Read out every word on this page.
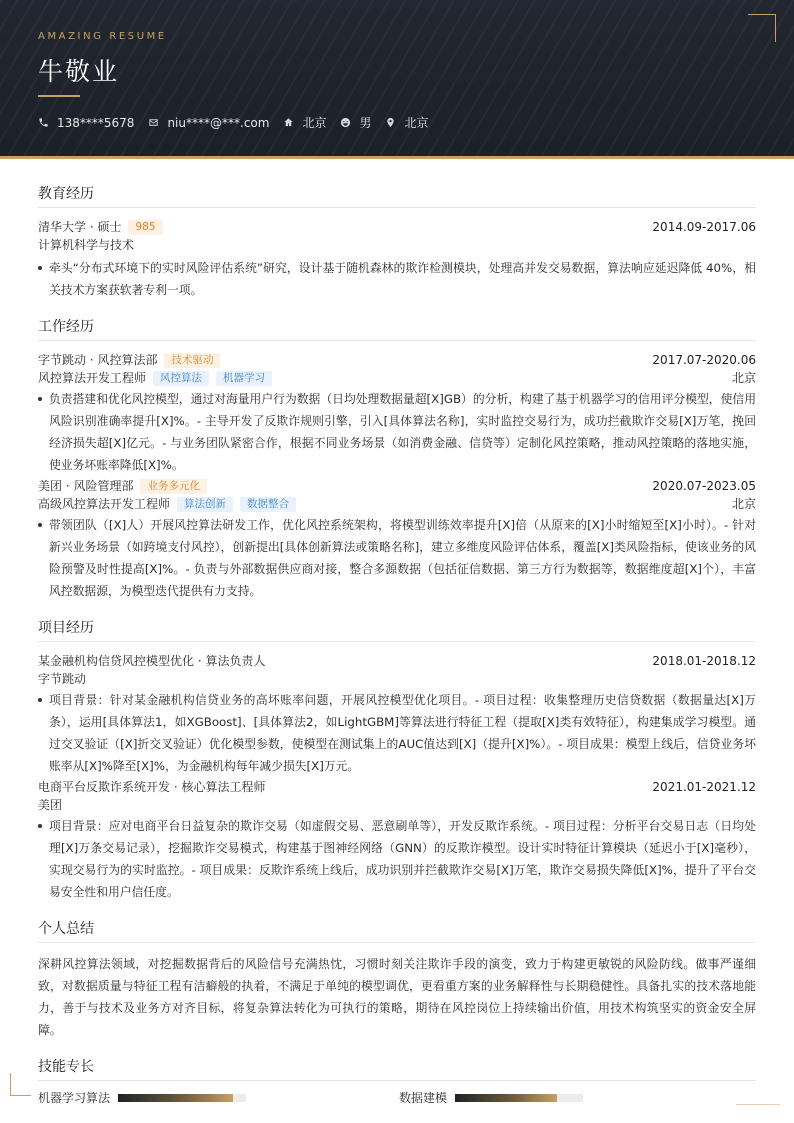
AMAZING RESUME
牛敬业
138****5678	niu****@***.com	北京	男	北京
教育经历
清华大学 · 硕士	985	2014.09-2017.06
计算机科学与技术
牵头“分布式环境下的实时风险评估系统”研究，设计基于随机森林的欺诈检测模块，处理高并发交易数据，算法响应延迟降低 40%，相关技术方案获软著专利一项。
工作经历
字节跳动 · 风控算法部	技术驱动	2017.07-2020.06
风控算法开发工程师	风控算法	机器学习	北京
负责搭建和优化风控模型，通过对海量用户行为数据（日均处理数据量超[X]GB）的分析，构建了基于机器学习的信用评分模型，使信用风险识别准确率提升[X]%。- 主导开发了反欺诈规则引擎，引入[具体算法名称]，实时监控交易行为，成功拦截欺诈交易[X]万笔，挽回经济损失超[X]亿元。- 与业务团队紧密合作，根据不同业务场景（如消费金融、信贷等）定制化风控策略，推动风控策略的落地实施，使业务坏账率降低[X]%。
美团 · 风险管理部	业务多元化	2020.07-2023.05
高级风控算法开发工程师	算法创新	数据整合	北京
带领团队（[X]人）开展风控算法研发工作，优化风控系统架构，将模型训练效率提升[X]倍（从原来的[X]小时缩短至[X]小时）。- 针对新兴业务场景（如跨境支付风控），创新提出[具体创新算法或策略名称]，建立多维度风险评估体系，覆盖[X]类风险指标，使该业务的风险预警及时性提高[X]%。- 负责与外部数据供应商对接，整合多源数据（包括征信数据、第三方行为数据等，数据维度超[X]个），丰富风控数据源，为模型迭代提供有力支持。
项目经历
某金融机构信贷风控模型优化 · 算法负责人	2018.01-2018.12
字节跳动
项目背景：针对某金融机构信贷业务的高坏账率问题，开展风控模型优化项目。- 项目过程：收集整理历史信贷数据（数据量达[X]万条），运用[具体算法1，如XGBoost]、[具体算法2，如LightGBM]等算法进行特征工程（提取[X]类有效特征），构建集成学习模型。通过交叉验证（[X]折交叉验证）优化模型参数，使模型在测试集上的AUC值达到[X]（提升[X]%）。- 项目成果：模型上线后，信贷业务坏账率从[X]%降至[X]%，为金融机构每年减少损失[X]万元。
电商平台反欺诈系统开发 · 核心算法工程师	2021.01-2021.12
美团
项目背景：应对电商平台日益复杂的欺诈交易（如虚假交易、恶意刷单等），开发反欺诈系统。- 项目过程：分析平台交易日志（日均处理[X]万条交易记录），挖掘欺诈交易模式，构建基于图神经网络（GNN）的反欺诈模型。设计实时特征计算模块（延迟小于[X]毫秒），实现交易行为的实时监控。- 项目成果：反欺诈系统上线后，成功识别并拦截欺诈交易[X]万笔，欺诈交易损失降低[X]%，提升了平台交易安全性和用户信任度。
个人总结
深耕风控算法领域，对挖掘数据背后的风险信号充满热忱，习惯时刻关注欺诈手段的演变，致力于构建更敏锐的风险防线。做事严谨细致，对数据质量与特征工程有洁癖般的执着，不满足于单纯的模型调优，更看重方案的业务解释性与长期稳健性。具备扎实的技术落地能力，善于与技术及业务方对齐目标，将复杂算法转化为可执行的策略，期待在风控岗位上持续输出价值，用技术构筑坚实的资金安全屏障。
技能专长
机器学习算法	数据建模
